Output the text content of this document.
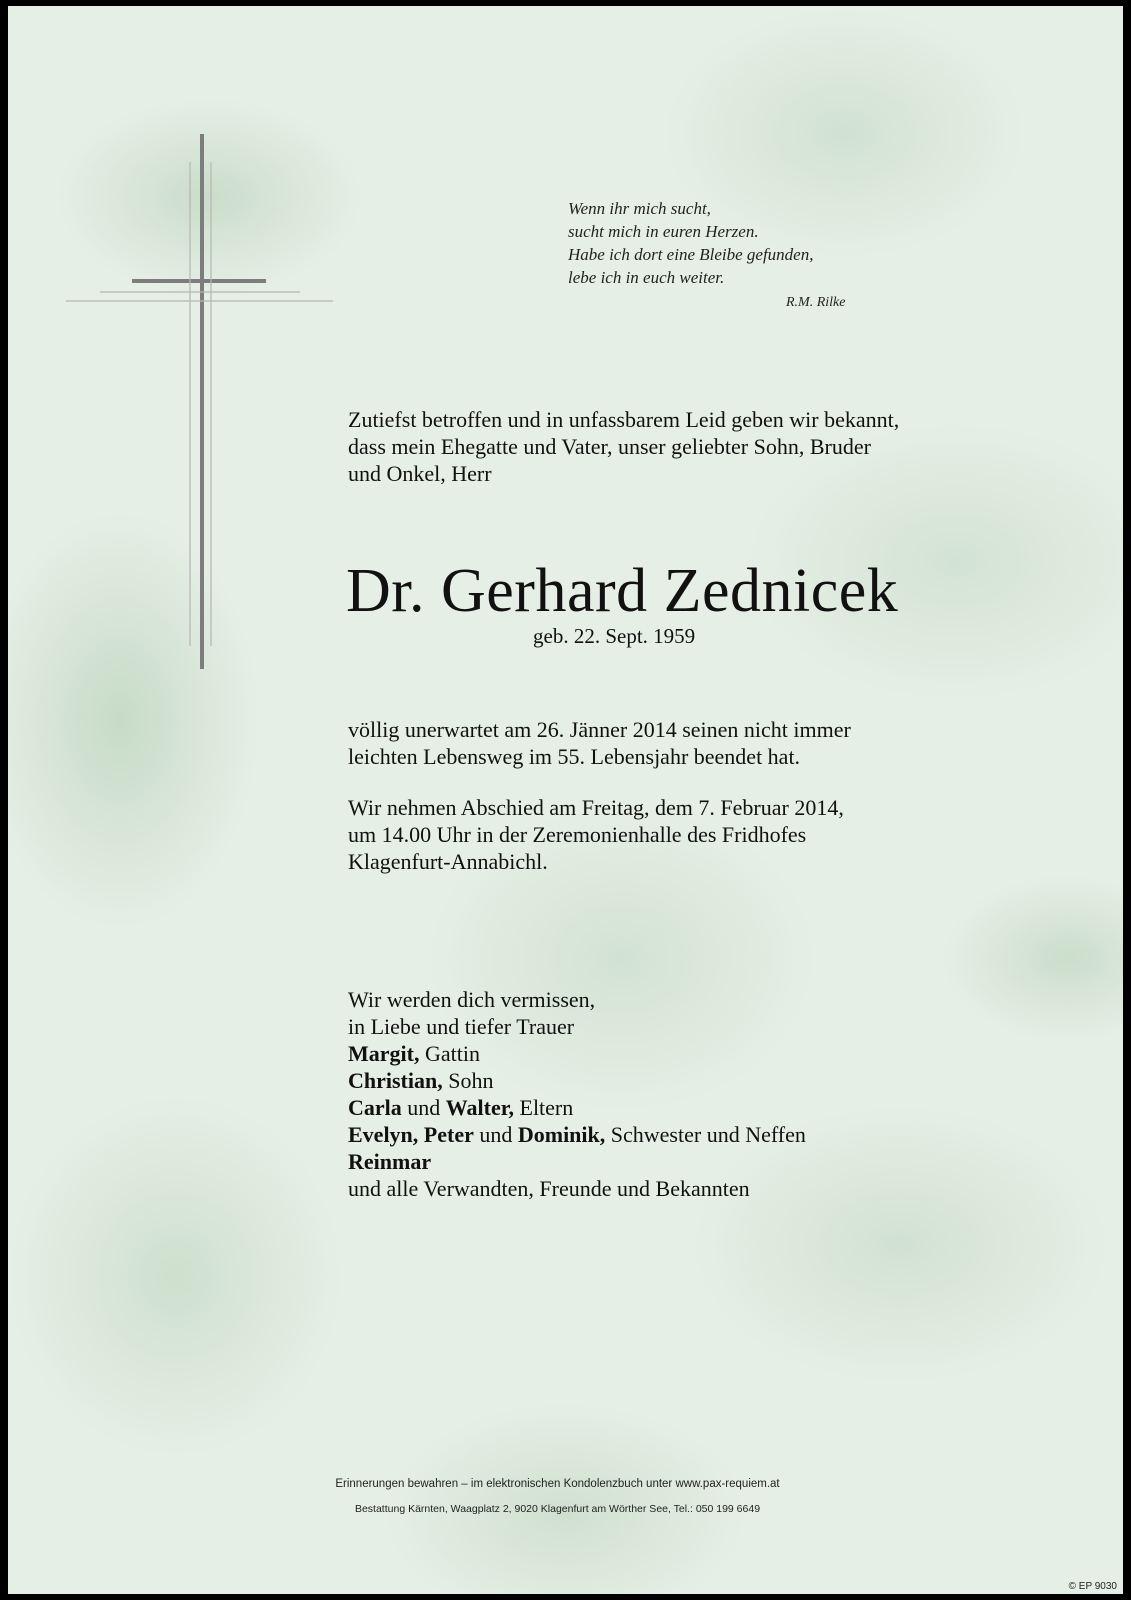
Wenn ihr mich sucht,
sucht mich in euren Herzen.
Habe ich dort eine Bleibe gefunden,
lebe ich in euch weiter.
R.M. Rilke
Zutiefst betroffen und in unfassbarem Leid geben wir bekannt,
dass mein Ehegatte und Vater, unser geliebter Sohn, Bruder
und Onkel, Herr
Dr. Gerhard Zednicek
geb. 22. Sept. 1959
völlig unerwartet am 26. Jänner 2014 seinen nicht immer
leichten Lebensweg im 55. Lebensjahr beendet hat.
Wir nehmen Abschied am Freitag, dem 7. Februar 2014,
um 14.00 Uhr in der Zeremonienhalle des Fridhofes
Klagenfurt-Annabichl.
Wir werden dich vermissen,
in Liebe und tiefer Trauer
Margit, Gattin
Christian, Sohn
Carla und Walter, Eltern
Evelyn, Peter und Dominik, Schwester und Neffen
Reinmar
und alle Verwandten, Freunde und Bekannten
Erinnerungen bewahren – im elektronischen Kondolenzbuch unter www.pax-requiem.at
Bestattung Kärnten, Waagplatz 2, 9020 Klagenfurt am Wörther See, Tel.: 050 199 6649
© EP 9030
